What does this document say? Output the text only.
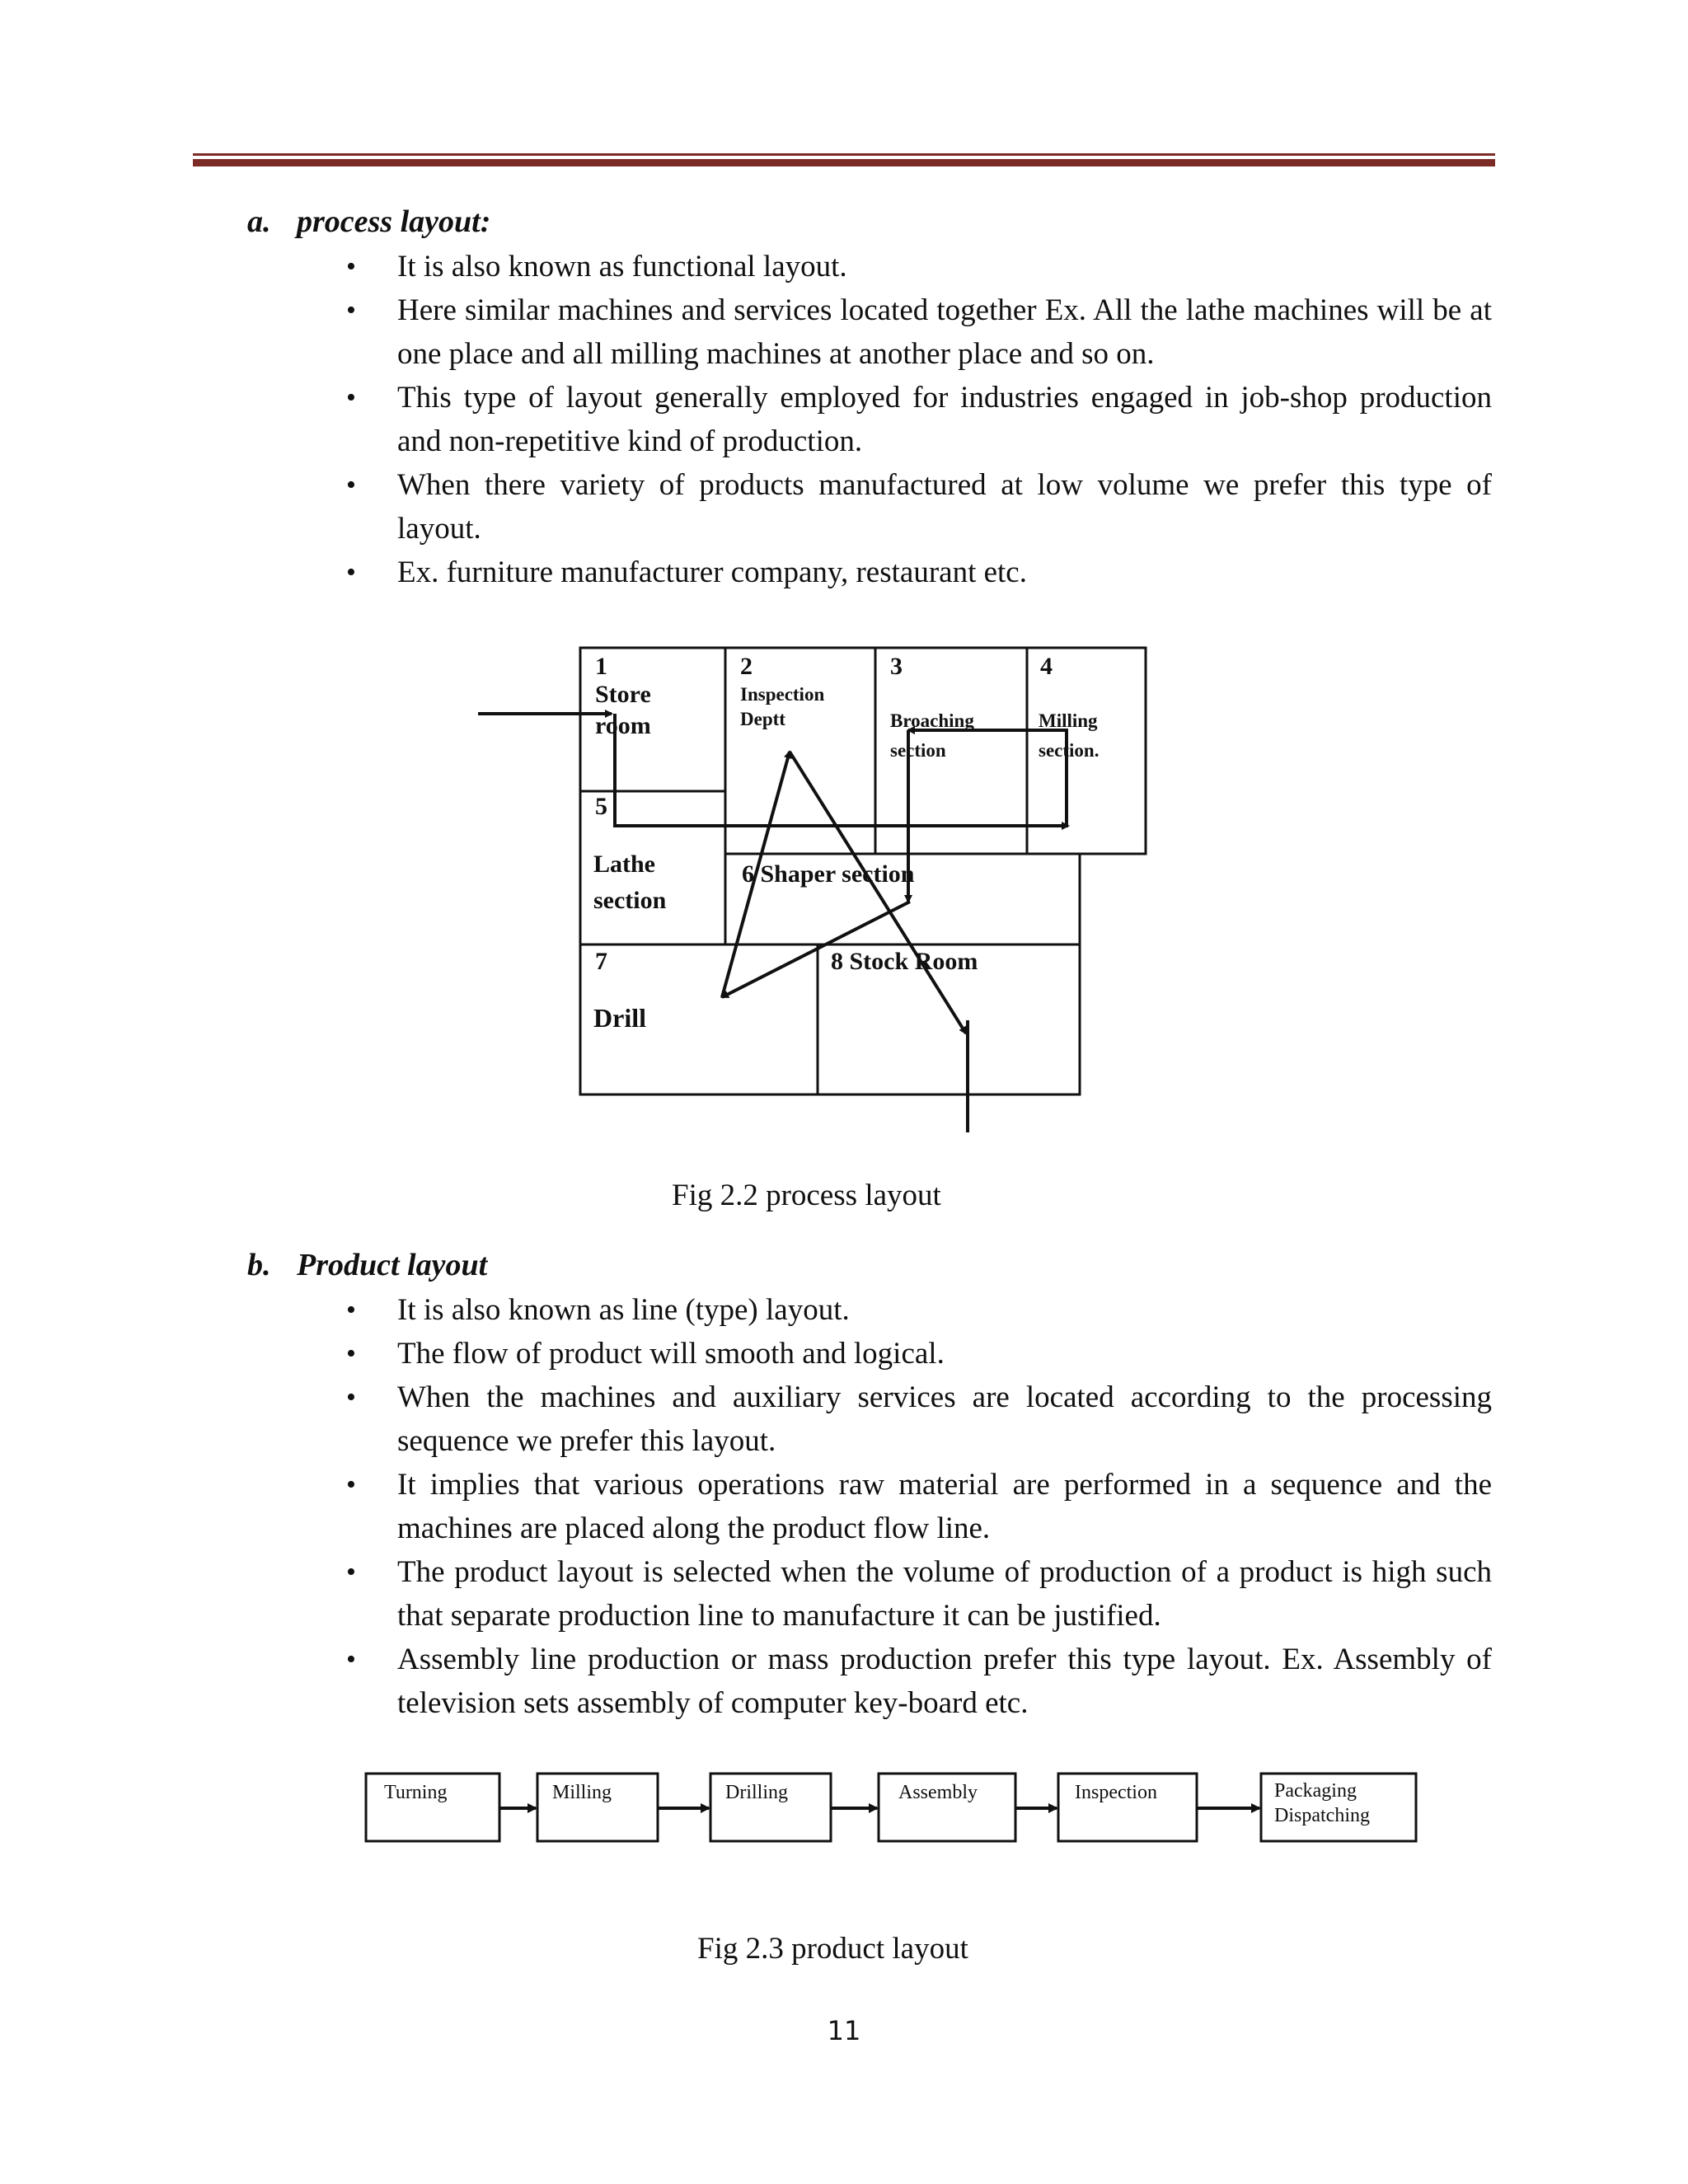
a. process layout:
• It is also known as functional layout.
• Here similar machines and services located together Ex. All the lathe machines will be at one place and all milling machines at another place and so on.
• This type of layout generally employed for industries engaged in job-shop production and non-repetitive kind of production.
• When there variety of products manufactured at low volume we prefer this type of layout.
• Ex. furniture manufacturer company, restaurant etc.
1
Store
room
2
Inspection
Deptt
3
Broaching
section
4
Milling
section.
5
Lathe
section
6 Shaper section
7
Drill
8 Stock Room
Fig 2.2 process layout
b. Product layout
• It is also known as line (type) layout.
• The flow of product will smooth and logical.
• When the machines and auxiliary services are located according to the processing sequence we prefer this layout.
• It implies that various operations raw material are performed in a sequence and the machines are placed along the product flow line.
• The product layout is selected when the volume of production of a product is high such that separate production line to manufacture it can be justified.
• Assembly line production or mass production prefer this type layout. Ex. Assembly of television sets assembly of computer key-board etc.
Turning	Milling	Drilling	Assembly	Inspection	Packaging
Dispatching
Fig 2.3 product layout
11
